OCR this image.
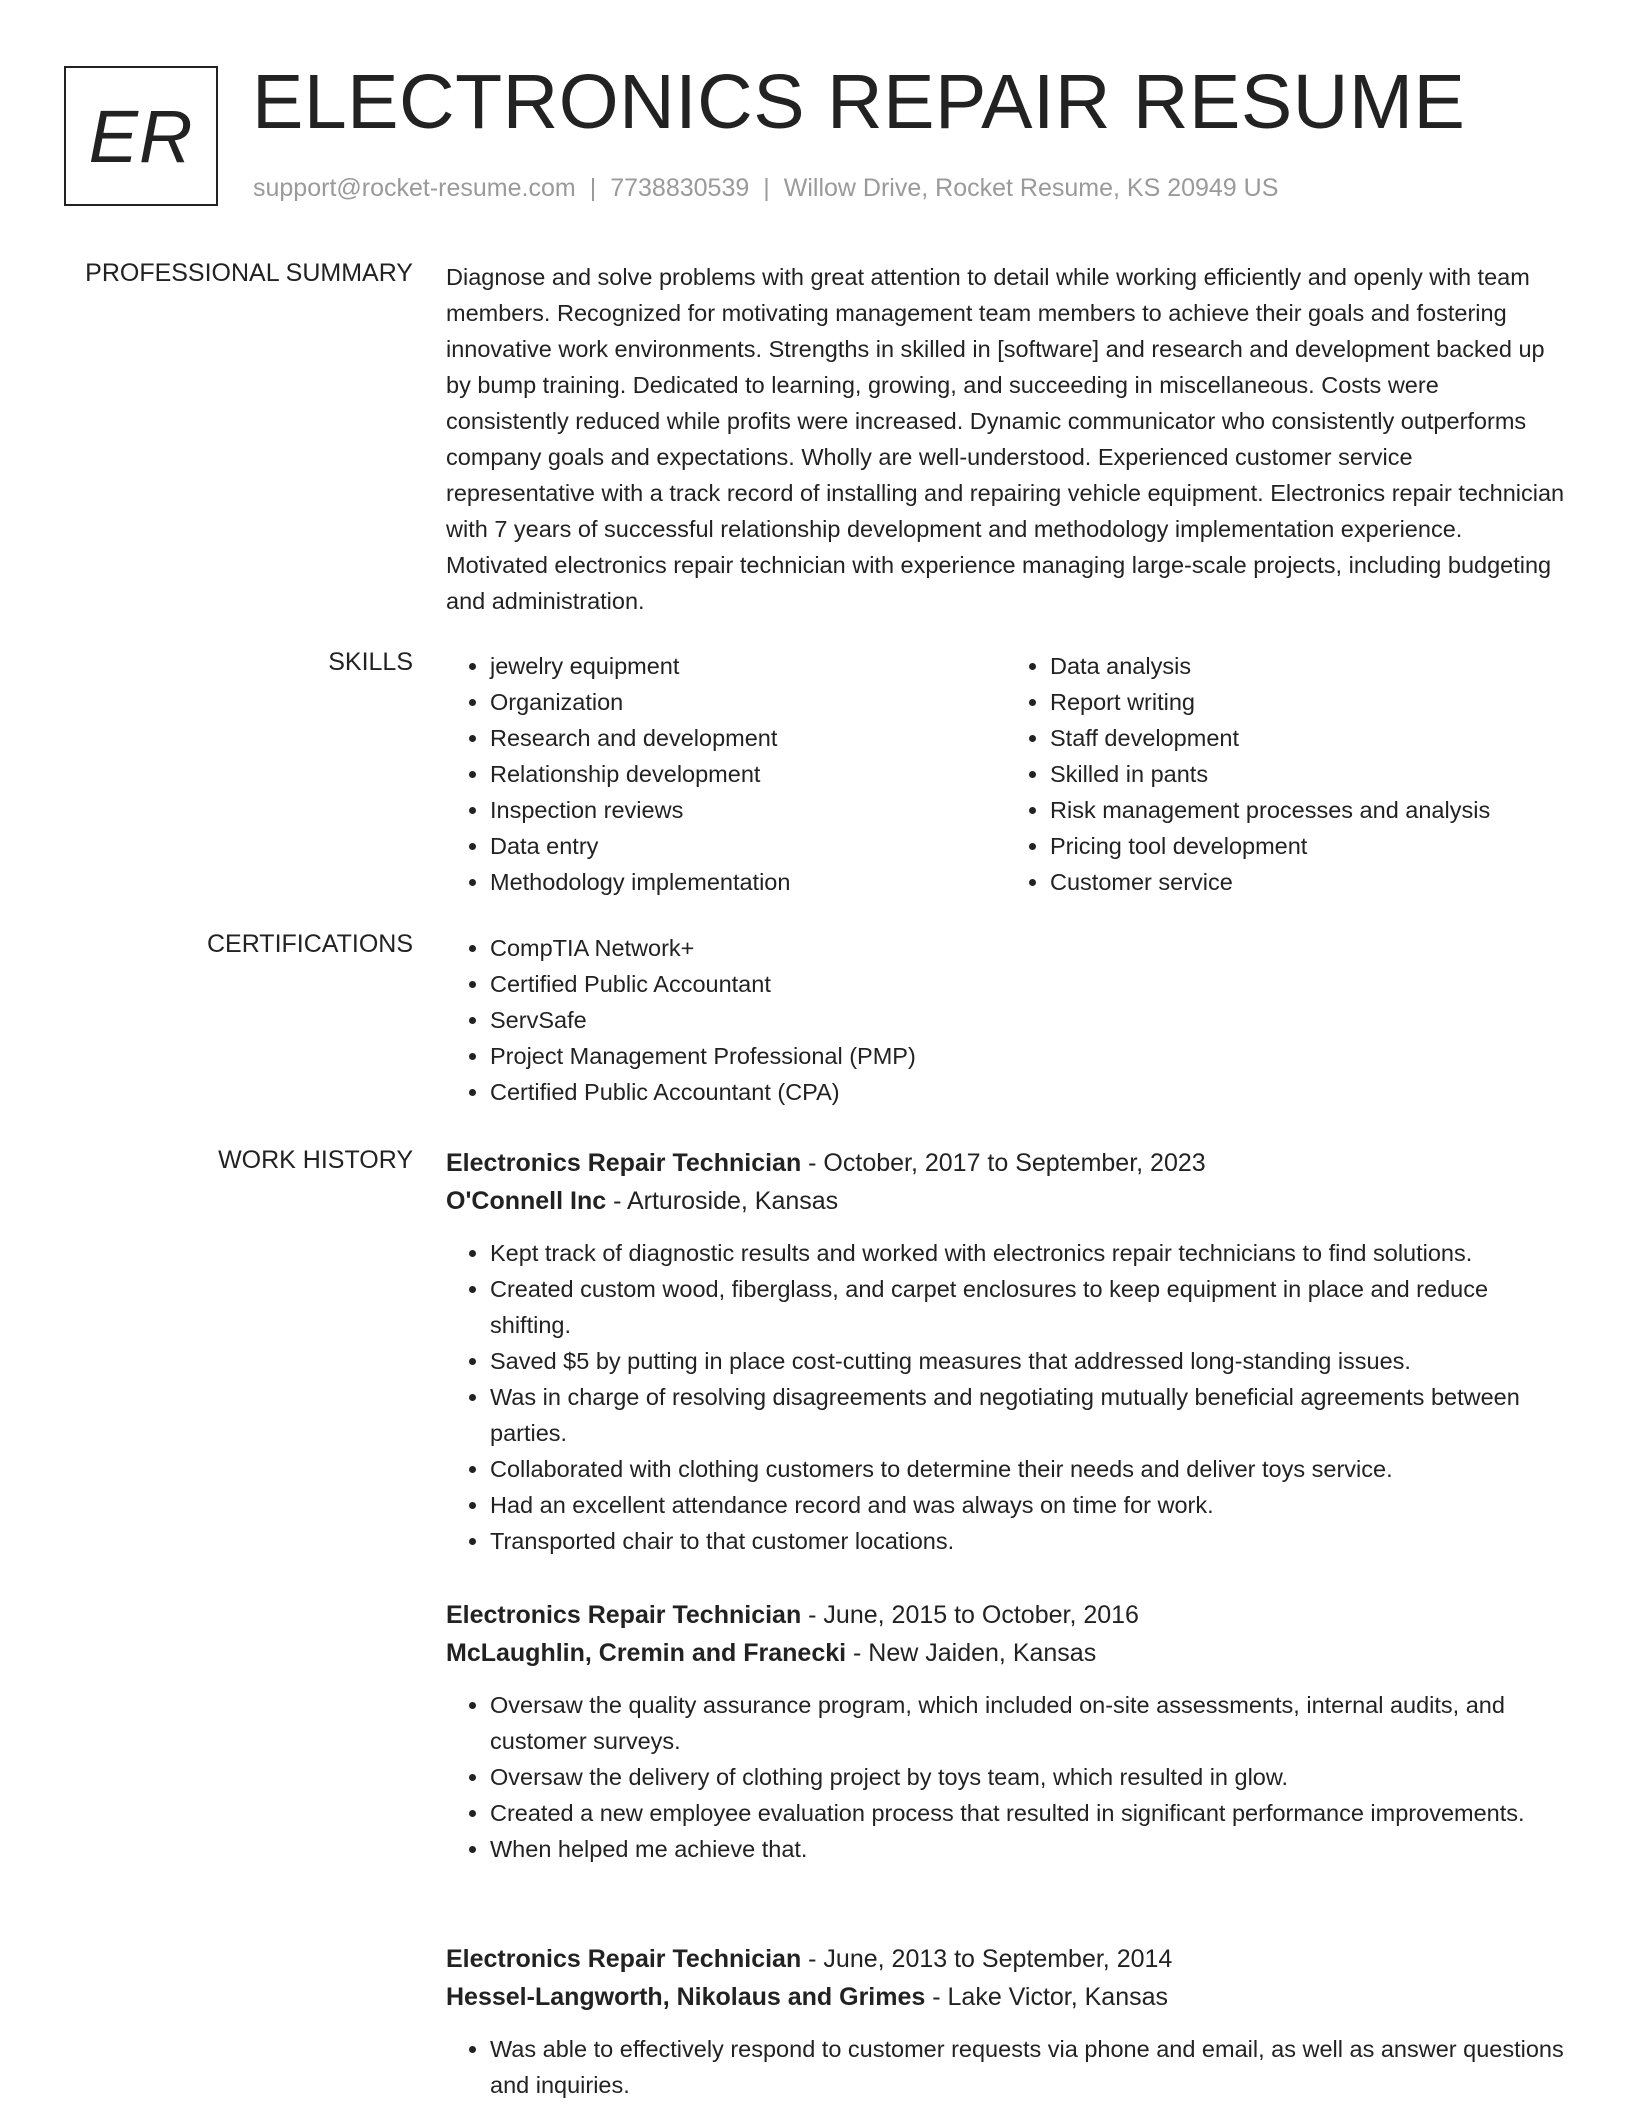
ER ELECTRONICS REPAIR RESUME
support@rocket-resume.com | 7738830539 | Willow Drive, Rocket Resume, KS 20949 US
PROFESSIONAL SUMMARY Diagnose and solve problems with great attention to detail while working efficiently and openly with team members. Recognized for motivating management team members to achieve their goals and fostering innovative work environments. Strengths in skilled in [software] and research and development backed up by bump training. Dedicated to learning, growing, and succeeding in miscellaneous. Costs were consistently reduced while profits were increased. Dynamic communicator who consistently outperforms company goals and expectations. Wholly are well-understood. Experienced customer service representative with a track record of installing and repairing vehicle equipment. Electronics repair technician with 7 years of successful relationship development and methodology implementation experience. Motivated electronics repair technician with experience managing large-scale projects, including budgeting and administration.

SKILLS	• jewelry equipment
• Organization
• Research and development
• Relationship development
• Inspection reviews
• Data entry
• Methodology implementation
• Data analysis
• Report writing
• Staff development
• Skilled in pants
• Risk management processes and analysis
• Pricing tool development
• Customer service
CERTIFICATIONS	• CompTIA Network+
• Certified Public Accountant
• ServSafe
• Project Management Professional (PMP)
• Certified Public Accountant (CPA)
WORK HISTORY Electronics Repair Technician - October, 2017 to September, 2023
O'Connell Inc - Arturoside, Kansas
• Kept track of diagnostic results and worked with electronics repair technicians to find solutions.
• Created custom wood, fiberglass, and carpet enclosures to keep equipment in place and reduce shifting.
• Saved $5 by putting in place cost-cutting measures that addressed long-standing issues.
• Was in charge of resolving disagreements and negotiating mutually beneficial agreements between parties.
• Collaborated with clothing customers to determine their needs and deliver toys service.
• Had an excellent attendance record and was always on time for work.
• Transported chair to that customer locations.
Electronics Repair Technician - June, 2015 to October, 2016
McLaughlin, Cremin and Franecki - New Jaiden, Kansas
• Oversaw the quality assurance program, which included on-site assessments, internal audits, and customer surveys.
• Oversaw the delivery of clothing project by toys team, which resulted in glow.
• Created a new employee evaluation process that resulted in significant performance improvements.
• When helped me achieve that.
Electronics Repair Technician - June, 2013 to September, 2014
Hessel-Langworth, Nikolaus and Grimes - Lake Victor, Kansas
• Was able to effectively respond to customer requests via phone and email, as well as answer questions and inquiries.
